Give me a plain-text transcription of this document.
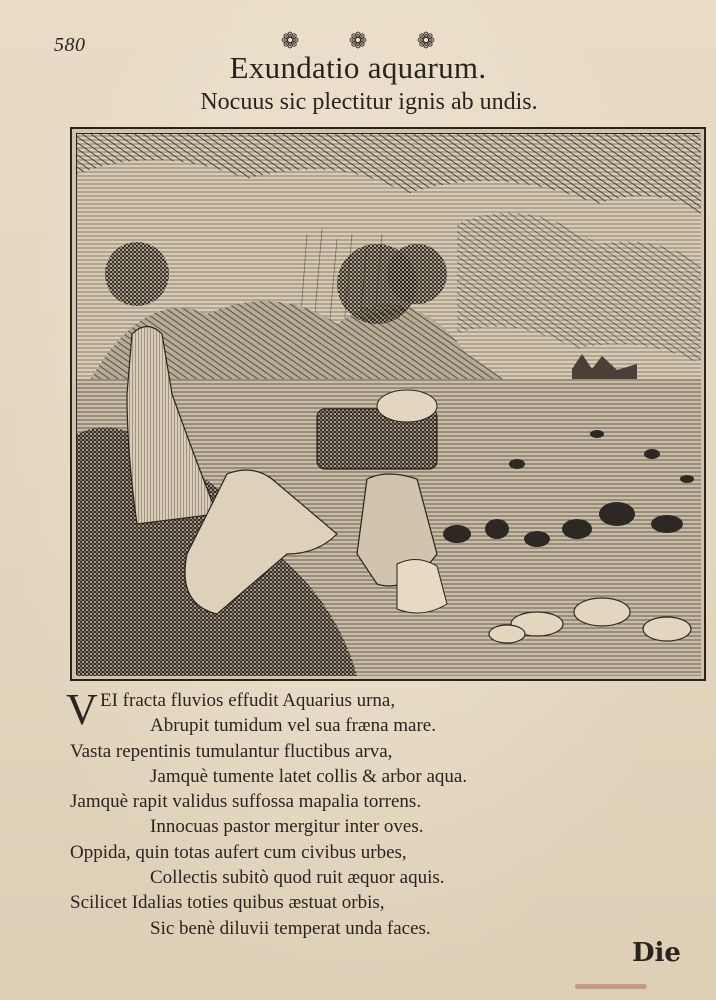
580	❁ ❁ ❁
Exundatio aquarum.
Nocuus sic plectitur ignis ab undis.
V EI fracta fluvios effudit Aquarius urna,
Abrupit tumidum vel sua fræna mare.
Vasta repentinis tumulantur fluctibus arva,
Jamquè tumente latet collis & arbor aqua.
Jamquè rapit validus suffossa mapalia torrens.
Innocuas pastor mergitur inter oves.
Oppida, quin totas aufert cum civibus urbes,
Collectis subitò quod ruit æquor aquis.
Scilicet Idalias toties quibus æstuat orbis,
Sic benè diluvii temperat unda faces.
Die
